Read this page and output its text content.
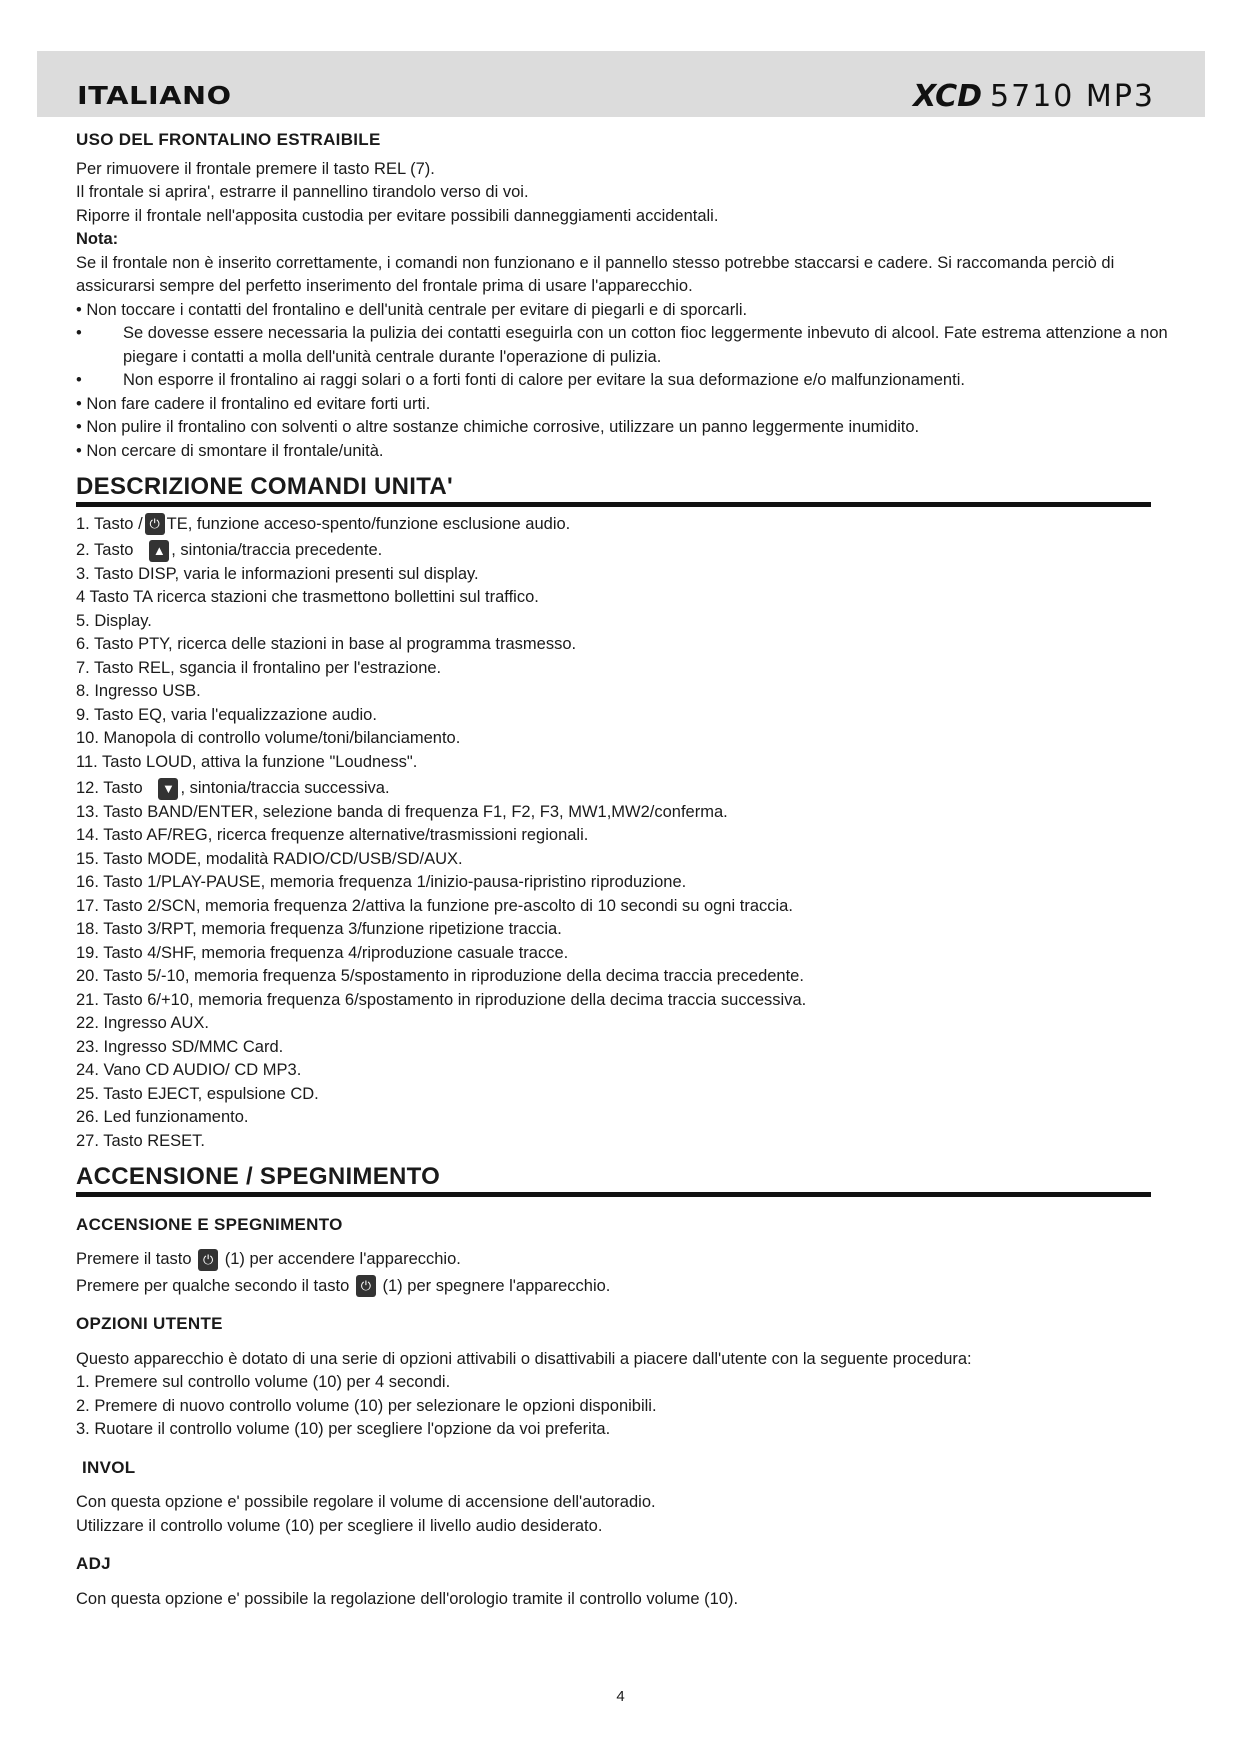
ITALIANO	XCD 5710 MP3
USO DEL FRONTALINO ESTRAIBILE

Per rimuovere il frontale premere il tasto REL (7).

Il frontale si aprira', estrarre il pannellino tirandolo verso di voi.

Riporre il frontale nell'apposita custodia per evitare possibili danneggiamenti accidentali.

Nota:

Se il frontale non è inserito correttamente, i comandi non funzionano e il pannello stesso potrebbe staccarsi e cadere. Si raccomanda perciò di assicurarsi sempre del perfetto inserimento del frontale prima di usare l'apparecchio.

• Non toccare i contatti del frontalino e dell'unità centrale per evitare di piegarli e di sporcarli.

•	Se dovesse essere necessaria la pulizia dei contatti eseguirla con un cotton fioc leggermente inbevuto di alcool. Fate estrema attenzione a non piegare i contatti a molla dell'unità centrale durante l'operazione di pulizia.
•	Non esporre il frontalino ai raggi solari o a forti fonti di calore per evitare la sua deformazione e/o malfunzionamenti.

• Non fare cadere il frontalino ed evitare forti urti.

• Non pulire il frontalino con solventi o altre sostanze chimiche corrosive, utilizzare un panno leggermente inumidito.

• Non cercare di smontare il frontale/unità.

DESCRIZIONE COMANDI UNITA'

1. Tasto / ⏻ TE, funzione acceso-spento/funzione esclusione audio.

2. Tasto ▲ , sintonia/traccia precedente.

3. Tasto DISP, varia le informazioni presenti sul display.

4 Tasto TA ricerca stazioni che trasmettono bollettini sul traffico.

5. Display.

6. Tasto PTY, ricerca delle stazioni in base al programma trasmesso.

7. Tasto REL, sgancia il frontalino per l'estrazione.

8. Ingresso USB.

9. Tasto EQ, varia l'equalizzazione audio.

10. Manopola di controllo volume/toni/bilanciamento.

11. Tasto LOUD, attiva la funzione "Loudness".

12. Tasto ▼ , sintonia/traccia successiva.

13. Tasto BAND/ENTER, selezione banda di frequenza F1, F2, F3, MW1,MW2/conferma.

14. Tasto AF/REG, ricerca frequenze alternative/trasmissioni regionali.

15. Tasto MODE, modalità RADIO/CD/USB/SD/AUX.

16. Tasto 1/PLAY-PAUSE, memoria frequenza 1/inizio-pausa-ripristino riproduzione.

17. Tasto 2/SCN, memoria frequenza 2/attiva la funzione pre-ascolto di 10 secondi su ogni traccia.

18. Tasto 3/RPT, memoria frequenza 3/funzione ripetizione traccia.

19. Tasto 4/SHF, memoria frequenza 4/riproduzione casuale tracce.

20. Tasto 5/-10, memoria frequenza 5/spostamento in riproduzione della decima traccia precedente.

21. Tasto 6/+10, memoria frequenza 6/spostamento in riproduzione della decima traccia successiva.

22. Ingresso AUX.

23. Ingresso SD/MMC Card.

24. Vano CD AUDIO/ CD MP3.

25. Tasto EJECT, espulsione CD.

26. Led funzionamento.

27. Tasto RESET.

ACCENSIONE / SPEGNIMENTO
ACCENSIONE E SPEGNIMENTO

Premere il tasto ⏻ (1) per accendere l'apparecchio.

Premere per qualche secondo il tasto ⏻ (1) per spegnere l'apparecchio.

OPZIONI UTENTE

Questo apparecchio è dotato di una serie di opzioni attivabili o disattivabili a piacere dall'utente con la seguente procedura:

1. Premere sul controllo volume (10) per 4 secondi.

2. Premere di nuovo controllo volume (10) per selezionare le opzioni disponibili.

3. Ruotare il controllo volume (10) per scegliere l'opzione da voi preferita.

INVOL

Con questa opzione e' possibile regolare il volume di accensione dell'autoradio.

Utilizzare il controllo volume (10) per scegliere il livello audio desiderato.

ADJ

Con questa opzione e' possibile la regolazione dell'orologio tramite il controllo volume (10).

4
